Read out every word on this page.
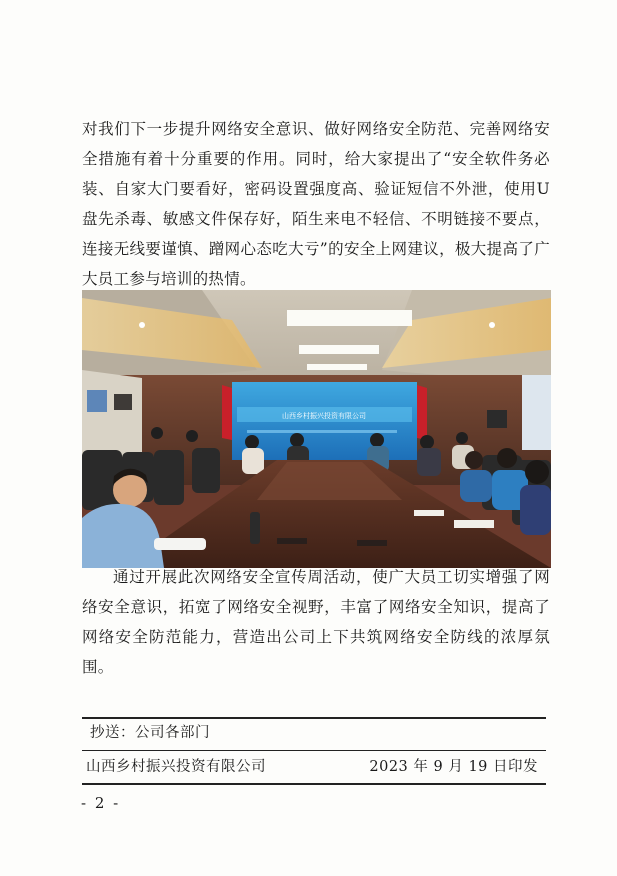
对我们下一步提升网络安全意识、做好网络安全防范、完善网络安全措施有着十分重要的作用。同时，给大家提出了“安全软件务必装、自家大门要看好，密码设置强度高、验证短信不外泄，使用U盘先杀毒、敏感文件保存好，陌生来电不轻信、不明链接不要点，连接无线要谨慎、蹭网心态吃大亏”的安全上网建议，极大提高了广大员工参与培训的热情。

山西乡村振兴投资有限公司

通过开展此次网络安全宣传周活动，使广大员工切实增强了网络安全意识，拓宽了网络安全视野，丰富了网络安全知识，提高了网络安全防范能力，营造出公司上下共筑网络安全防线的浓厚氛围。

抄送：公司各部门
山西乡村振兴投资有限公司	2023 年 9 月 19 日印发
- 2 -
